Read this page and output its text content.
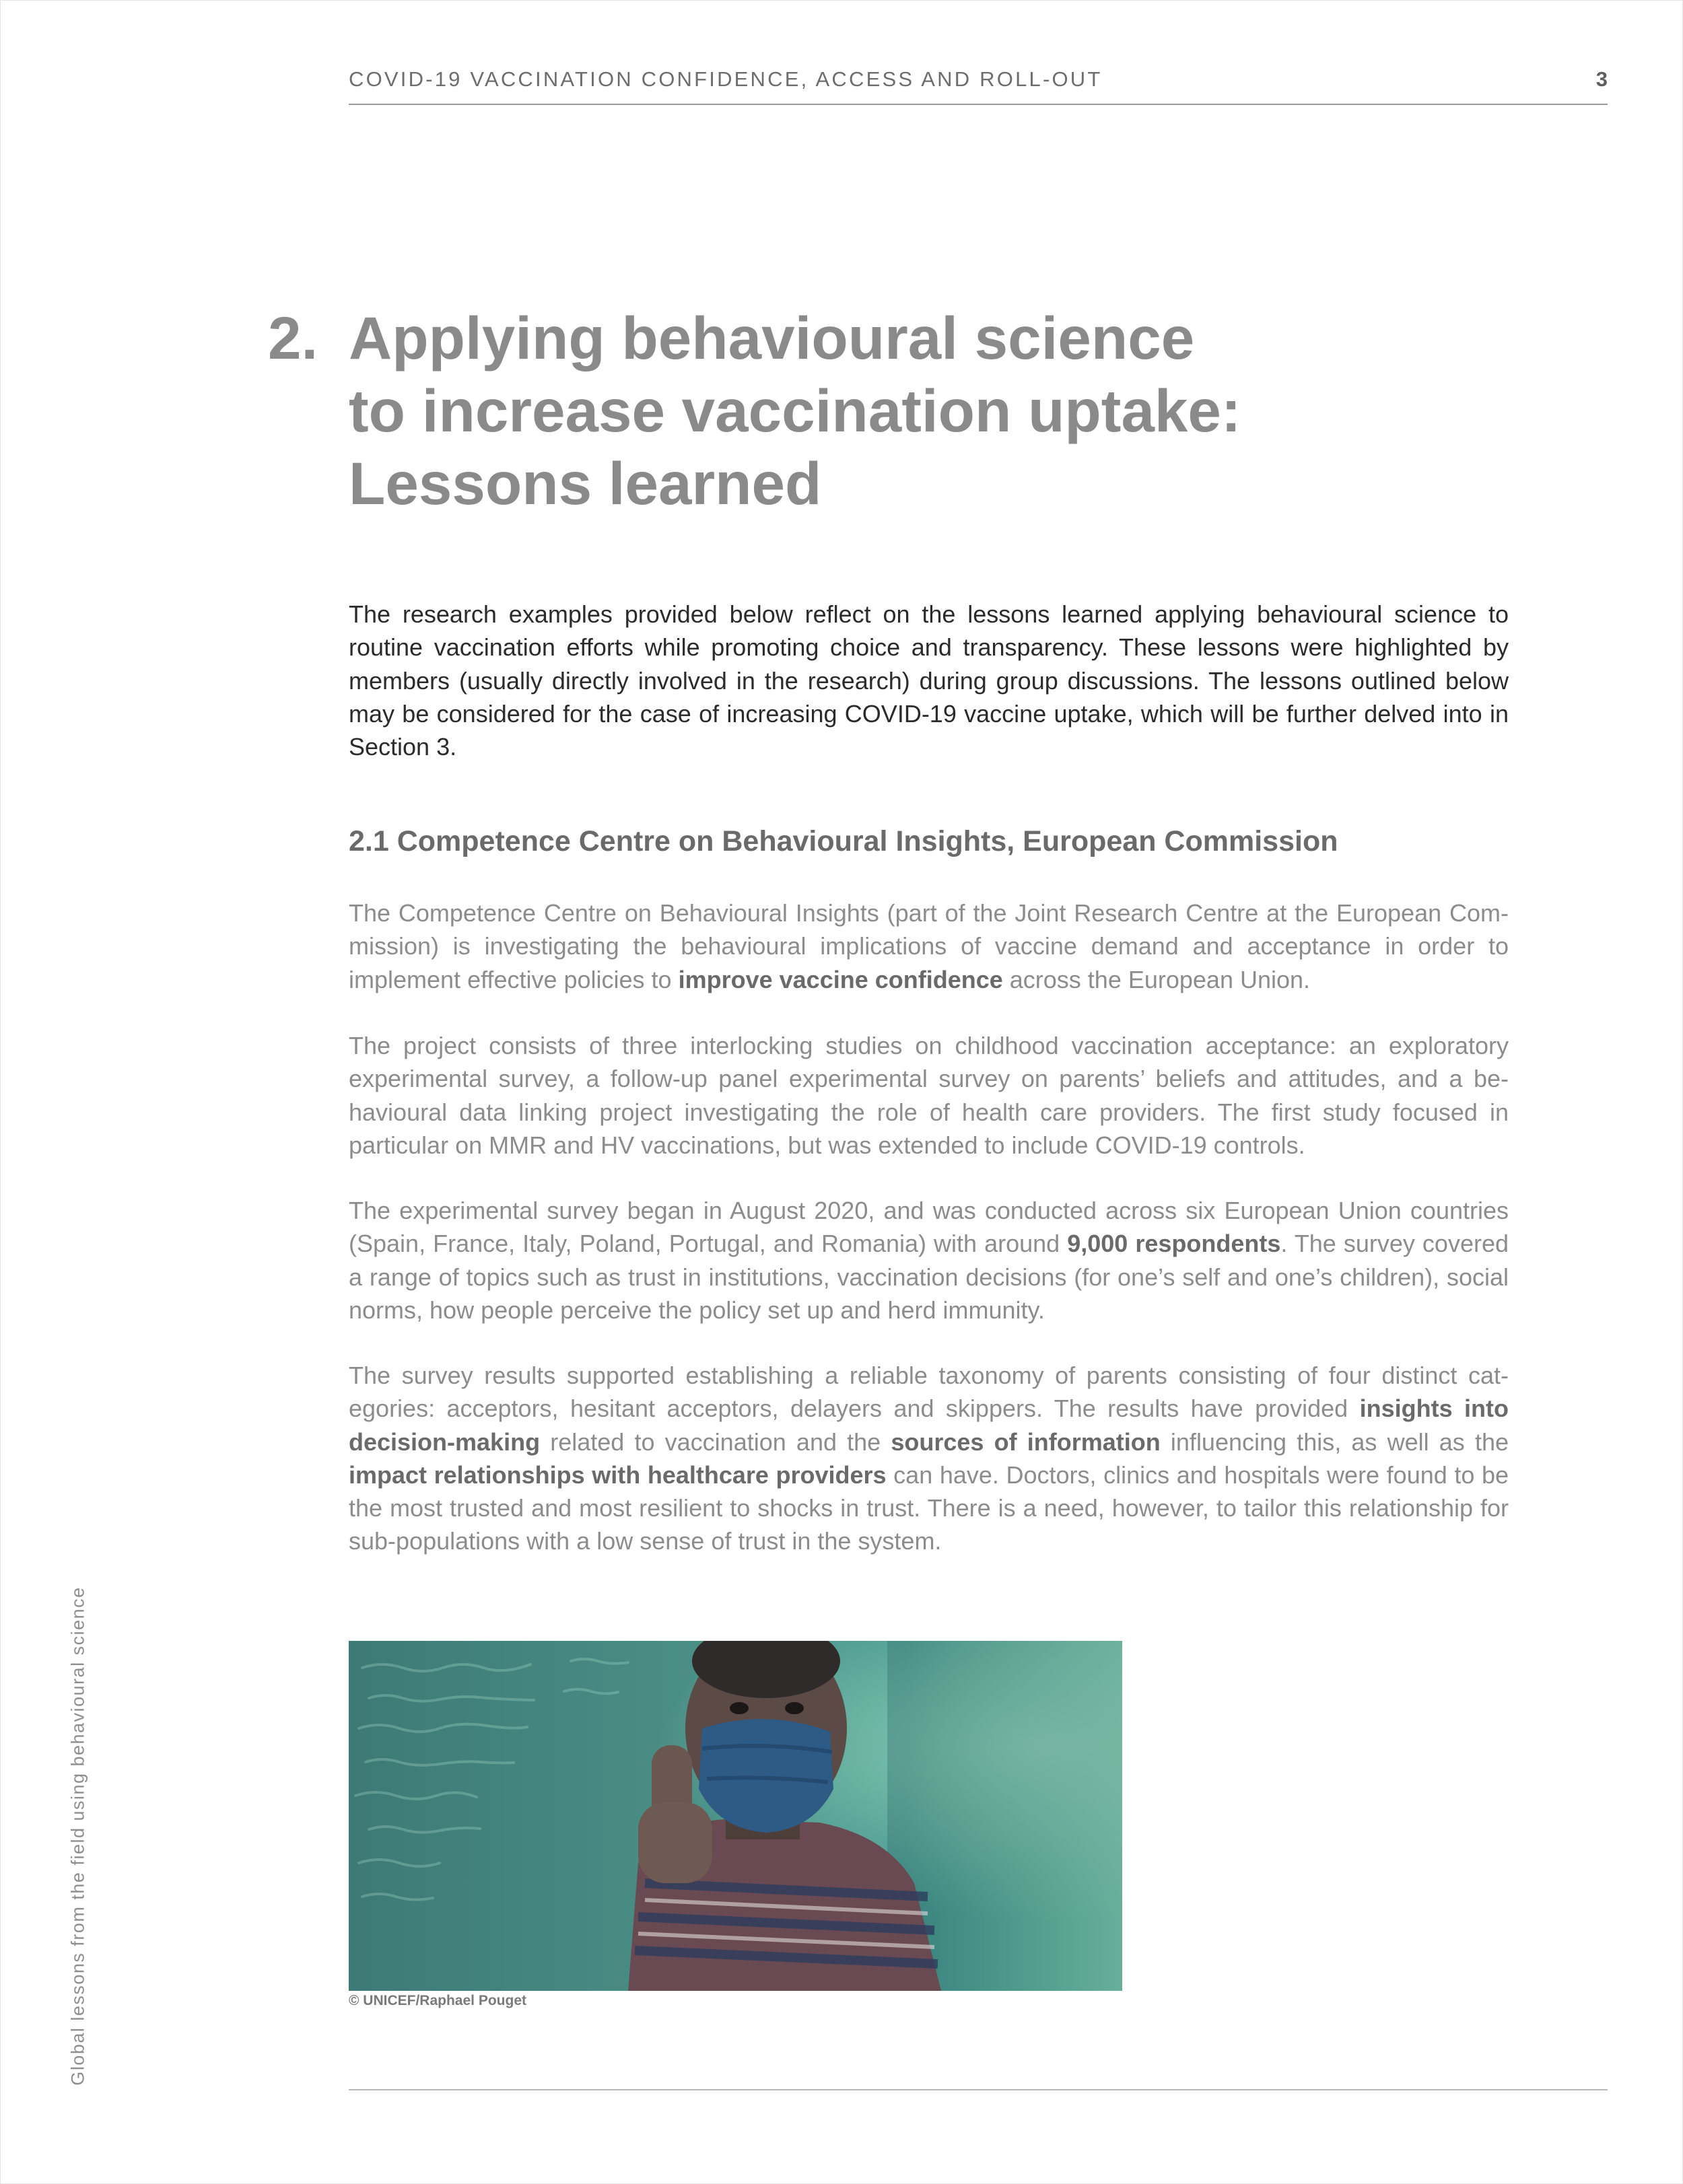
COVID-19 VACCINATION CONFIDENCE, ACCESS AND ROLL-OUT	3
2. Applying behavioural science
to increase vaccination uptake:
Lessons learned

The research examples provided below reflect on the lessons learned applying behavioural science to routine vaccination efforts while promoting choice and transparency. These lessons were highlighted by members (usually directly involved in the research) during group discussions. The lessons outlined below may be considered for the case of increasing COVID-19 vaccine uptake, which will be further delved into in Section 3.

2.1 Competence Centre on Behavioural Insights, European Commission

The Competence Centre on Behavioural Insights (part of the Joint Research Centre at the European Commission) is investigating the behavioural implications of vaccine demand and acceptance in order to implement effective policies to improve vaccine confidence across the European Union.

The project consists of three interlocking studies on childhood vaccination acceptance: an exploratory experimental survey, a follow-up panel experimental survey on parents’ beliefs and attitudes, and a behavioural data linking project investigating the role of health care providers. The first study focused in particular on MMR and HV vaccinations, but was extended to include COVID-19 controls.

The experimental survey began in August 2020, and was conducted across six European Union countries (Spain, France, Italy, Poland, Portugal, and Romania) with around 9,000 respondents. The survey covered a range of topics such as trust in institutions, vaccination decisions (for one’s self and one’s children), social norms, how people perceive the policy set up and herd immunity.

The survey results supported establishing a reliable taxonomy of parents consisting of four distinct categories: acceptors, hesitant acceptors, delayers and skippers. The results have provided insights into decision-making related to vaccination and the sources of information influencing this, as well as the impact relationships with healthcare providers can have. Doctors, clinics and hospitals were found to be the most trusted and most resilient to shocks in trust. There is a need, however, to tailor this relationship for sub-populations with a low sense of trust in the system.

© UNICEF/Raphael Pouget
Global lessons from the field using behavioural science
